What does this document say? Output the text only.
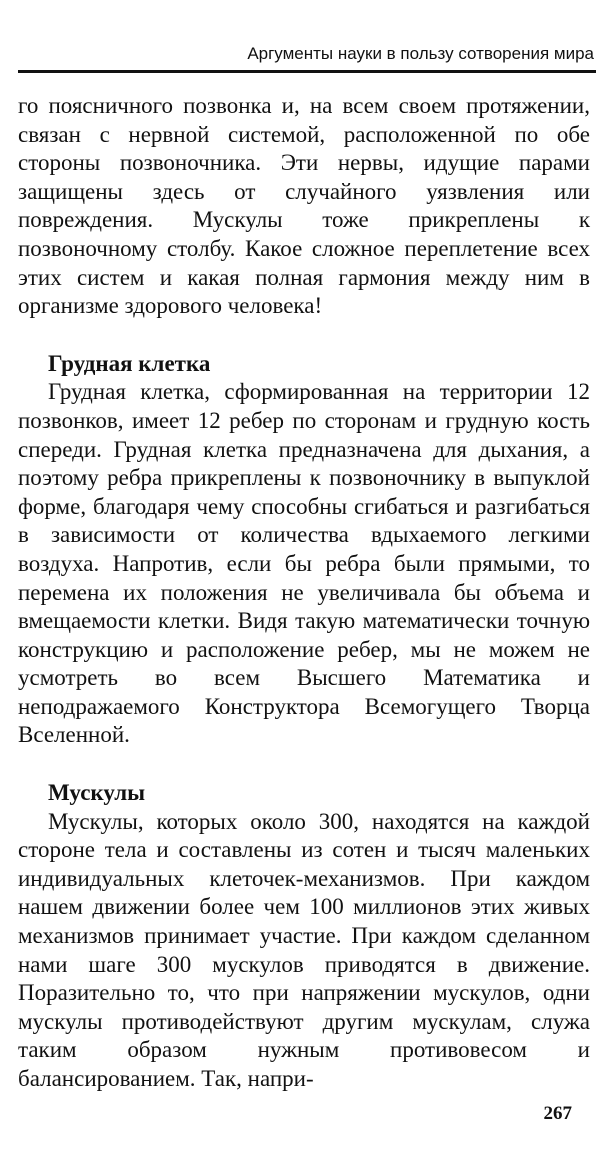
Аргументы науки в пользу сотворения мира

го поясничного позвонка и, на всем своем протяжении, связан с нервной системой, расположенной по обе стороны позвоночника. Эти нервы, идущие парами защищены здесь от случайного уязвления или повреждения. Мускулы тоже прикреплены к позвоночному столбу. Какое сложное переплетение всех этих систем и какая полная гармония между ним в организме здорового человека!

Грудная клетка

Грудная клетка, сформированная на территории 12 позвонков, имеет 12 ребер по сторонам и грудную кость спереди. Грудная клетка предназначена для дыхания, а поэтому ребра прикреплены к позвоночнику в выпуклой форме, благодаря чему способны сгибаться и разгибаться в зависимости от количества вдыхаемого легкими воздуха. Напротив, если бы ребра были прямыми, то перемена их положения не увеличивала бы объема и вмещаемости клетки. Видя такую математически точную конструкцию и расположение ребер, мы не можем не усмотреть во всем Высшего Математика и неподражаемого Конструктора Всемогущего Творца Вселенной.

Мускулы

Мускулы, которых около 300, находятся на каждой стороне тела и составлены из сотен и тысяч маленьких индивидуальных клеточек-механизмов. При каждом нашем движении более чем 100 миллионов этих живых механизмов принимает участие. При каждом сделанном нами шаге 300 мускулов приводятся в движение. Поразительно то, что при напряжении мускулов, одни мускулы противодействуют другим мускулам, служа таким образом нужным противовесом и балансированием. Так, напри-

267
